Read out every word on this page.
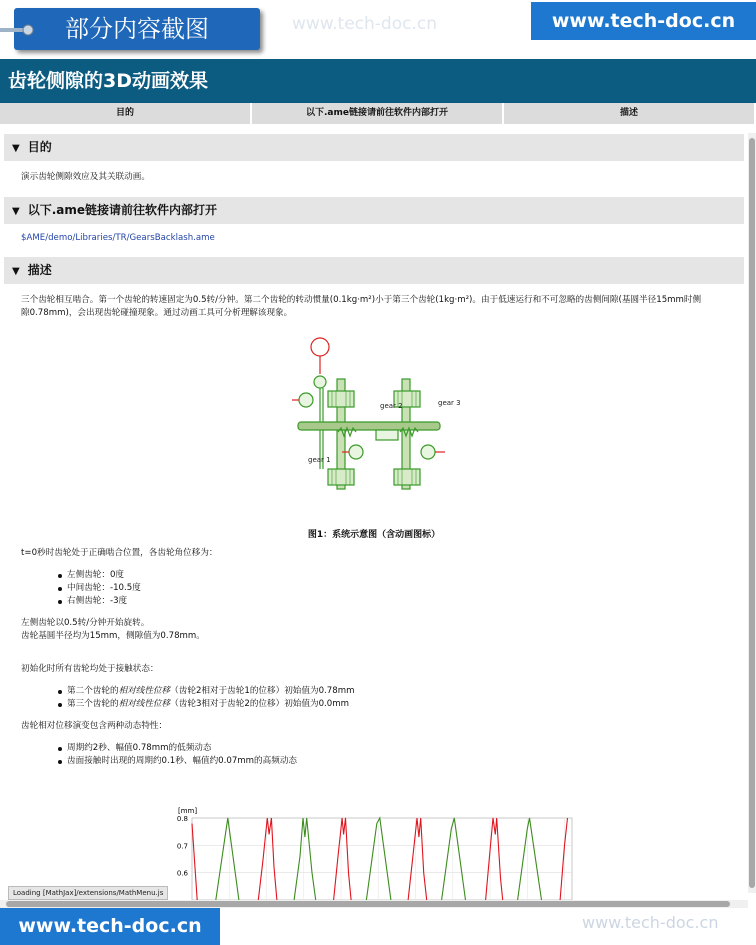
部分内容截图	www.tech-doc.cn	www.tech-doc.cn
齿轮侧隙的3D动画效果
目的	以下.ame链接请前往软件内部打开	描述
▼ 目的
演示齿轮侧隙效应及其关联动画。
▼ 以下.ame链接请前往软件内部打开
$AME/demo/Libraries/TR/GearsBacklash.ame
▼ 描述
三个齿轮相互啮合。第一个齿轮的转速固定为0.5转/分钟。第二个齿轮的转动惯量(0.1kg·m²)小于第三个齿轮(1kg·m²)。由于低速运行和不可忽略的齿侧间隙(基圆半径15mm时侧
隙0.78mm)，会出现齿轮碰撞现象。通过动画工具可分析理解该现象。
gear 2	gear 3
gear 1
图1：系统示意图（含动画图标）
t=0秒时齿轮处于正确啮合位置，各齿轮角位移为：
左侧齿轮：0度
中间齿轮：-10.5度
右侧齿轮：-3度
左侧齿轮以0.5转/分钟开始旋转。
齿轮基圆半径均为15mm，侧隙值为0.78mm。
初始化时所有齿轮均处于接触状态：
第二个齿轮的相对线性位移（齿轮2相对于齿轮1的位移）初始值为0.78mm
第三个齿轮的相对线性位移（齿轮3相对于齿轮2的位移）初始值为0.0mm
齿轮相对位移演变包含两种动态特性：
周期约2秒、幅值0.78mm的低频动态
齿面接触时出现的周期约0.1秒、幅值约0.07mm的高频动态
[mm]
0.8
0.7
0.6
Loading [MathJax]/extensions/MathMenu.js
www.tech-doc.cn	www.tech-doc.cn
